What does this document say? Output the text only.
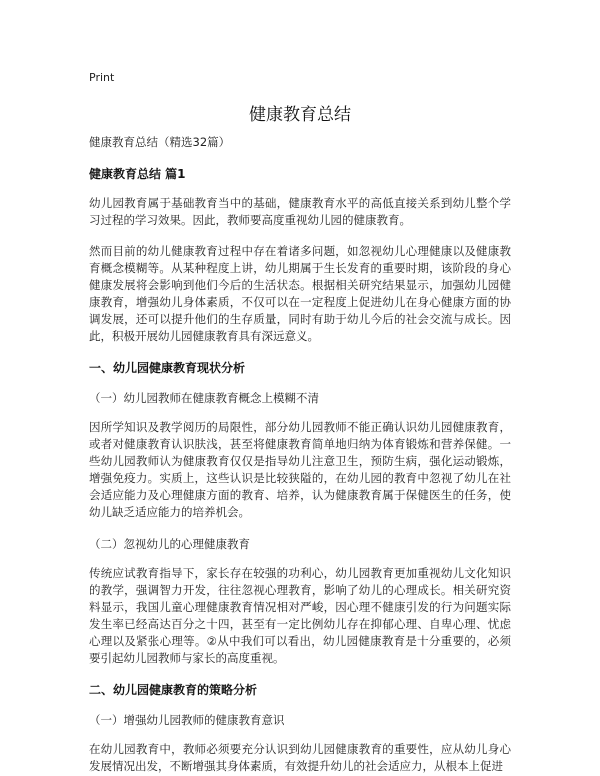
Print
健康教育总结

健康教育总结（精选32篇）

健康教育总结 篇1

幼儿园教育属于基础教育当中的基础，健康教育水平的高低直接关系到幼儿整个学习过程的学习效果。因此，教师要高度重视幼儿园的健康教育。

然而目前的幼儿健康教育过程中存在着诸多问题，如忽视幼儿心理健康以及健康教育概念模糊等。从某种程度上讲，幼儿期属于生长发育的重要时期，该阶段的身心健康发展将会影响到他们今后的生活状态。根据相关研究结果显示，加强幼儿园健康教育，增强幼儿身体素质，不仅可以在一定程度上促进幼儿在身心健康方面的协调发展，还可以提升他们的生存质量，同时有助于幼儿今后的社会交流与成长。因此，积极开展幼儿园健康教育具有深远意义。

一、幼儿园健康教育现状分析

（一）幼儿园教师在健康教育概念上模糊不清

因所学知识及教学阅历的局限性，部分幼儿园教师不能正确认识幼儿园健康教育，或者对健康教育认识肤浅，甚至将健康教育简单地归纳为体育锻炼和营养保健。一些幼儿园教师认为健康教育仅仅是指导幼儿注意卫生，预防生病，强化运动锻炼，增强免疫力。实质上，这些认识是比较狭隘的，在幼儿园的教育中忽视了幼儿在社会适应能力及心理健康方面的教育、培养，认为健康教育属于保健医生的任务，使幼儿缺乏适应能力的培养机会。

（二）忽视幼儿的心理健康教育

传统应试教育指导下，家长存在较强的功利心，幼儿园教育更加重视幼儿文化知识的教学，强调智力开发，往往忽视心理教育，影响了幼儿的心理成长。相关研究资料显示，我国儿童心理健康教育情况相对严峻，因心理不健康引发的行为问题实际发生率已经高达百分之十四，甚至有一定比例幼儿存在抑郁心理、自卑心理、忧虑心理以及紧张心理等。②从中我们可以看出，幼儿园健康教育是十分重要的，必须要引起幼儿园教师与家长的高度重视。

二、幼儿园健康教育的策略分析

（一）增强幼儿园教师的健康教育意识

在幼儿园教育中，教师必须要充分认识到幼儿园健康教育的重要性，应从幼儿身心发展情况出发，不断增强其身体素质，有效提升幼儿的社会适应力，从根本上促进
